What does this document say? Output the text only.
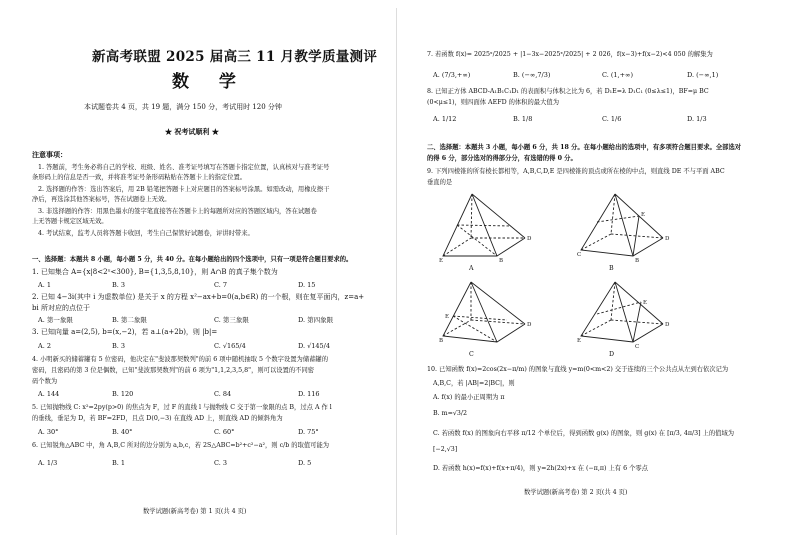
新高考联盟 2025 届高三 11 月教学质量测评
数 学
本试题卷共 4 页，共 19 题，满分 150 分，考试用时 120 分钟
★ 祝考试顺利 ★
注意事项：
1. 答题前，考生务必将自己的学校、班级、姓名、准考证号填写在答题卡指定位置，认真核对与准考证号
条形码上的信息是否一致，并将准考证号条形码粘贴在答题卡上的指定位置。
2. 选择题的作答：选出答案后，用 2B 铅笔把答题卡上对应题目的答案标号涂黑。如需改动，用橡皮擦干
净后，再选涂其他答案标号，答在试题卷上无效。
3. 非选择题的作答：用黑色墨水的签字笔直接答在答题卡上的每题所对应的答题区域内，答在试题卷
上无答题卡规定区域无效。
4. 考试结束，监考人员将答题卡收回，考生自己保管好试题卷，评讲时带来。
一、选择题：本题共 8 小题，每小题 5 分，共 40 分。在每小题给出的四个选项中，只有一项是符合题目要求的。
1. 已知集合 A={x|8<2ˣ<300}, B={1,3,5,8,10}，则 A∩B 的真子集个数为
A. 1	B. 3	C. 7	D. 15
2. 已知 4−3i(其中 i 为虚数单位) 是关于 x 的方程 x²−ax+b=0(a,b∈R) 的一个根，则在复平面内，z=a+
bi 所对应的点位于
A. 第一象限	B. 第二象限	C. 第三象限	D. 第四象限
3. 已知向量 a=(2,5), b=(x,−2)，若 a⊥(a+2b)，则 |b|=
A. 2	B. 3	C. √165/4	D. √145/4
4. 小明新买的储蓄罐有 5 位密码，他决定在"斐波那契数列"的前 6 项中随机抽取 5 个数字设置为储蓄罐的
密码，且密码的第 3 位是偶数，已知"斐波那契数列"的前 6 项为"1,1,2,3,5,8"，则可以设置的不同密
码个数为
A. 144	B. 120	C. 84	D. 116
5. 已知抛物线 C: x²=2py(p>0) 的焦点为 F，过 F 的直线 l 与抛物线 C 交于第一象限的点 B，过点 A 作 l
的垂线，垂足为 D，若 BF=2FD，且点 D(0,−3) 在直线 AD 上，则直线 AD 的倾斜角为
A. 30°	B. 40°	C. 60°	D. 75°
6. 已知锐角△ABC 中，角 A,B,C 所对的边分别为 a,b,c，若 2S△ABC=b²+c²−a²，则 c/b 的取值可能为
A. 1/3	B. 1	C. 3	D. 5
数学试题(新高考卷) 第 1 页(共 4 页)
7. 若函数 f(x)= 2025ˣ/2025 + |1−3x−2025ˣ/2025| + 2 026，f(x−3)+f(x−2)<4 050 的解集为
A. (7/3,+∞)	B. (−∞,7/3)	C. (1,+∞)	D. (−∞,1)
8. 已知正方体 ABCD-A₁B₁C₁D₁ 的表面积与体积之比为 6，若 D₁E=λ D₁C₁ (0≤λ≤1)，BF=μ BC
(0<μ≤1)，则四面体 AEFD 的体积的最大值为
A. 1/12	B. 1/8	C. 1/6	D. 1/3
二、选择题：本题共 3 小题，每小题 6 分，共 18 分。在每小题给出的选项中，有多项符合题目要求。全部选对
的得 6 分，部分选对的得部分分，有选错的得 0 分。
9. 下列四棱锥的所有棱长都相等，A,B,C,D,E 是四棱锥的顶点或所在棱的中点，则直线 DE 不与平面 ABC
垂直的是
E	B
D
A
E
C
B
D
B
B
E
D
C
E
E
C
D
D
10. 已知函数 f(x)=2cos(2x−π/m) 的图象与直线 y=m(0<m<2) 交于连续的三个公共点从左到右依次记为
A,B,C，若 |AB|=2|BC|，则
A. f(x) 的最小正周期为 π
B. m=√3/2
C. 若函数 f(x) 的图象向右平移 π/12 个单位后，得到函数 g(x) 的图象，则 g(x) 在 [π/3, 4π/3] 上的值域为
[−2,√3]
D. 若函数 h(x)=f(x)+f(x+π/4)，则 y=2h(2x)+x 在 (−π,π) 上有 6 个零点
数学试题(新高考卷) 第 2 页(共 4 页)
